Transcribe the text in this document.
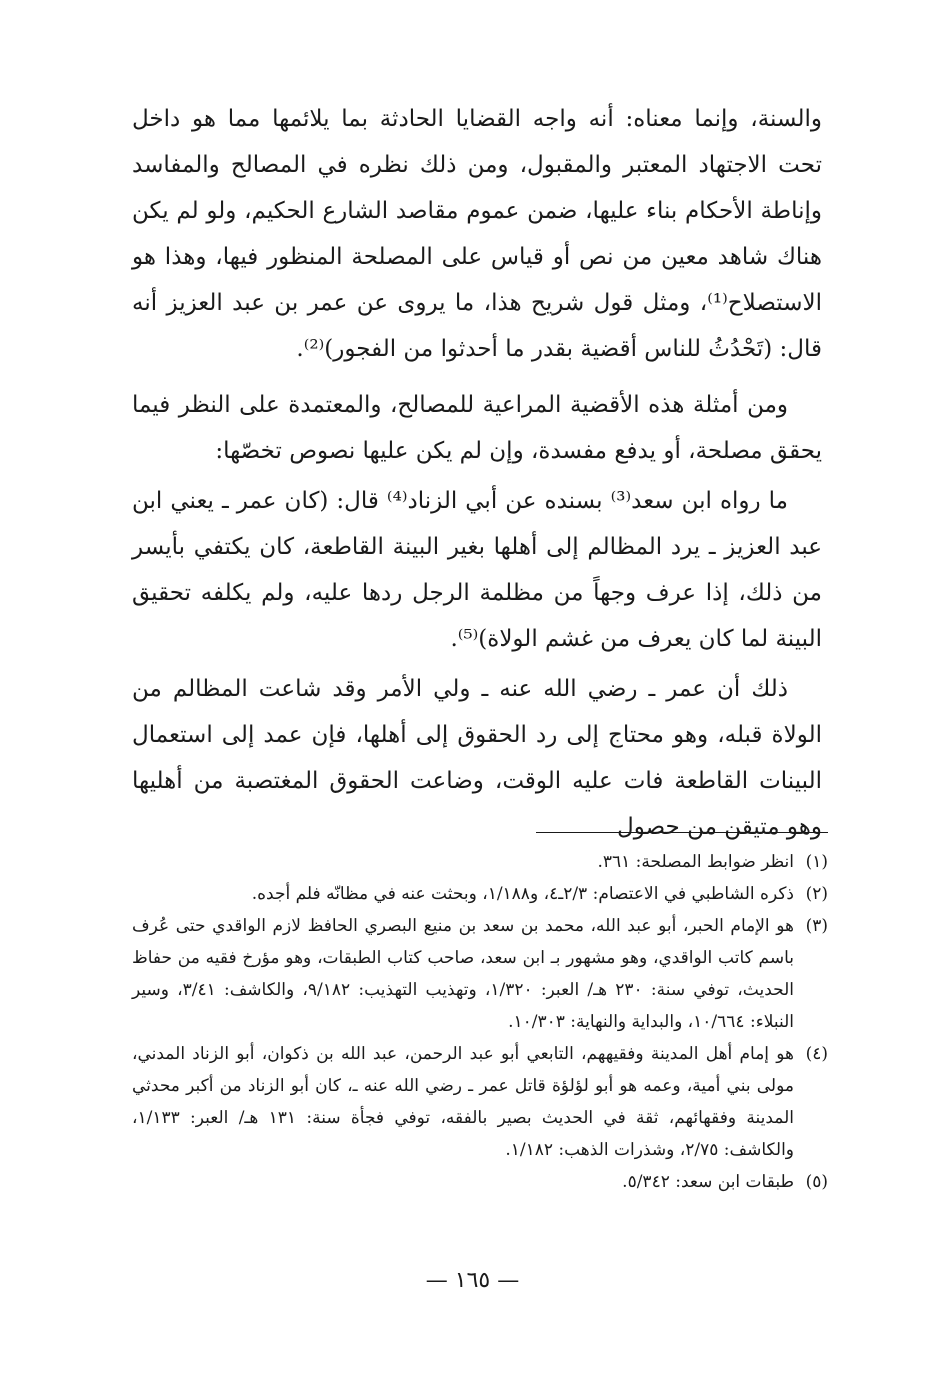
والسنة، وإنما معناه: أنه واجه القضايا الحادثة بما يلائمها مما هو داخل تحت الاجتهاد المعتبر والمقبول، ومن ذلك نظره في المصالح والمفاسد وإناطة الأحكام بناء عليها، ضمن عموم مقاصد الشارع الحكيم، ولو لم يكن هناك شاهد معين من نص أو قياس على المصلحة المنظور فيها، وهذا هو الاستصلاح⁽¹⁾، ومثل قول شريح هذا، ما يروى عن عمر بن عبد العزيز أنه قال: (تَحْدُثُ للناس أقضية بقدر ما أحدثوا من الفجور)⁽²⁾.

ومن أمثلة هذه الأقضية المراعية للمصالح، والمعتمدة على النظر فيما يحقق مصلحة، أو يدفع مفسدة، وإن لم يكن عليها نصوص تخصّها:

ما رواه ابن سعد⁽³⁾ بسنده عن أبي الزناد⁽⁴⁾ قال: (كان عمر ـ يعني ابن عبد العزيز ـ يرد المظالم إلى أهلها بغير البينة القاطعة، كان يكتفي بأيسر من ذلك، إذا عرف وجهاً من مظلمة الرجل ردها عليه، ولم يكلفه تحقيق البينة لما كان يعرف من غشم الولاة)⁽⁵⁾.

ذلك أن عمر ـ رضي الله عنه ـ ولي الأمر وقد شاعت المظالم من الولاة قبله، وهو محتاج إلى رد الحقوق إلى أهلها، فإن عمد إلى استعمال البينات القاطعة فات عليه الوقت، وضاعت الحقوق المغتصبة من أهليها وهو متيقن من حصول

(١)
انظر ضوابط المصلحة: ٣٦١.
(٢)
ذكره الشاطبي في الاعتصام: ٢/٣ـ٤، و١/١٨٨، وبحثت عنه في مظانّه فلم أجده.
(٣)
هو الإمام الحبر، أبو عبد الله، محمد بن سعد بن منيع البصري الحافظ لازم الواقدي حتى عُرف باسم كاتب الواقدي، وهو مشهور بـ ابن سعد، صاحب كتاب الطبقات، وهو مؤرخ فقيه من حفاظ الحديث، توفي سنة: ٢٣٠ هـ/ العبر: ١/٣٢٠، وتهذيب التهذيب: ٩/١٨٢، والكاشف: ٣/٤١، وسير النبلاء: ١٠/٦٦٤، والبداية والنهاية: ١٠/٣٠٣.
(٤)
هو إمام أهل المدينة وفقيههم، التابعي أبو عبد الرحمن، عبد الله بن ذكوان، أبو الزناد المدني، مولى بني أمية، وعمه هو أبو لؤلؤة قاتل عمر ـ رضي الله عنه ـ، كان أبو الزناد من أكبر محدثي المدينة وفقهائهم، ثقة في الحديث بصير بالفقه، توفي فجأة سنة: ١٣١ هـ/ العبر: ١/١٣٣، والكاشف: ٢/٧٥، وشذرات الذهب: ١/١٨٢.
(٥)
طبقات ابن سعد: ٥/٣٤٢.
— ١٦٥ —
